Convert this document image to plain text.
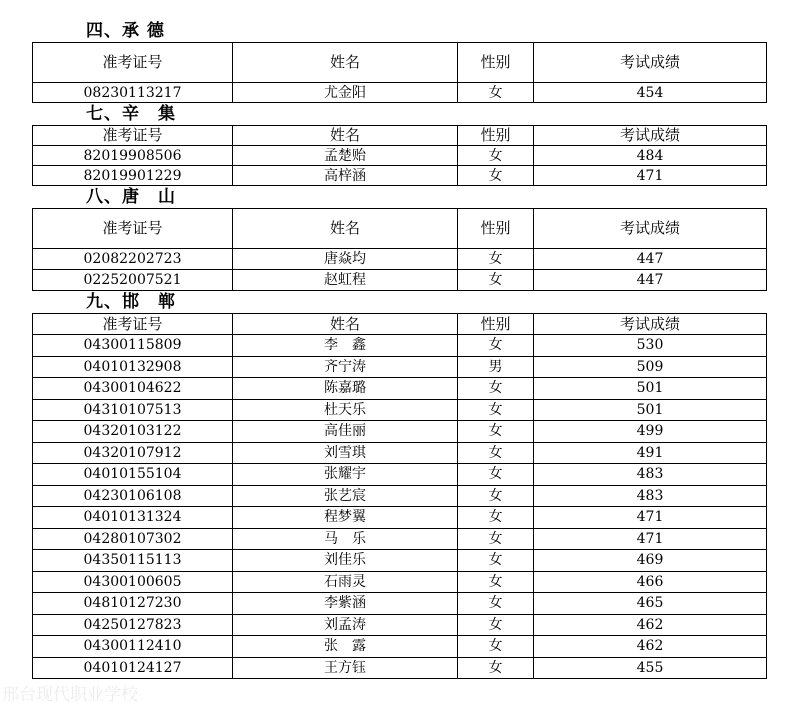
四、承 德
准考证号	姓名	性别	考试成绩
08230113217	尤金阳	女	454
七、辛　集
准考证号	姓名	性别	考试成绩
82019908506	孟楚贻	女	484
82019901229	高梓涵	女	471
八、唐　山
准考证号	姓名	性别	考试成绩
02082202723	唐焱均	女	447
02252007521	赵虹程	女	447
九、邯　郸
准考证号	姓名	性别	考试成绩
04300115809	李　鑫	女	530
04010132908	齐宁涛	男	509
04300104622	陈嘉璐	女	501
04310107513	杜天乐	女	501
04320103122	高佳丽	女	499
04320107912	刘雪琪	女	491
04010155104	张耀宇	女	483
04230106108	张艺宸	女	483
04010131324	程梦翼	女	471
04280107302	马　乐	女	471
04350115113	刘佳乐	女	469
04300100605	石雨灵	女	466
04810127230	李紫涵	女	465
04250127823	刘孟涛	女	462
04300112410	张　露	女	462
04010124127	王方钰	女	455
邢台现代职业学校
